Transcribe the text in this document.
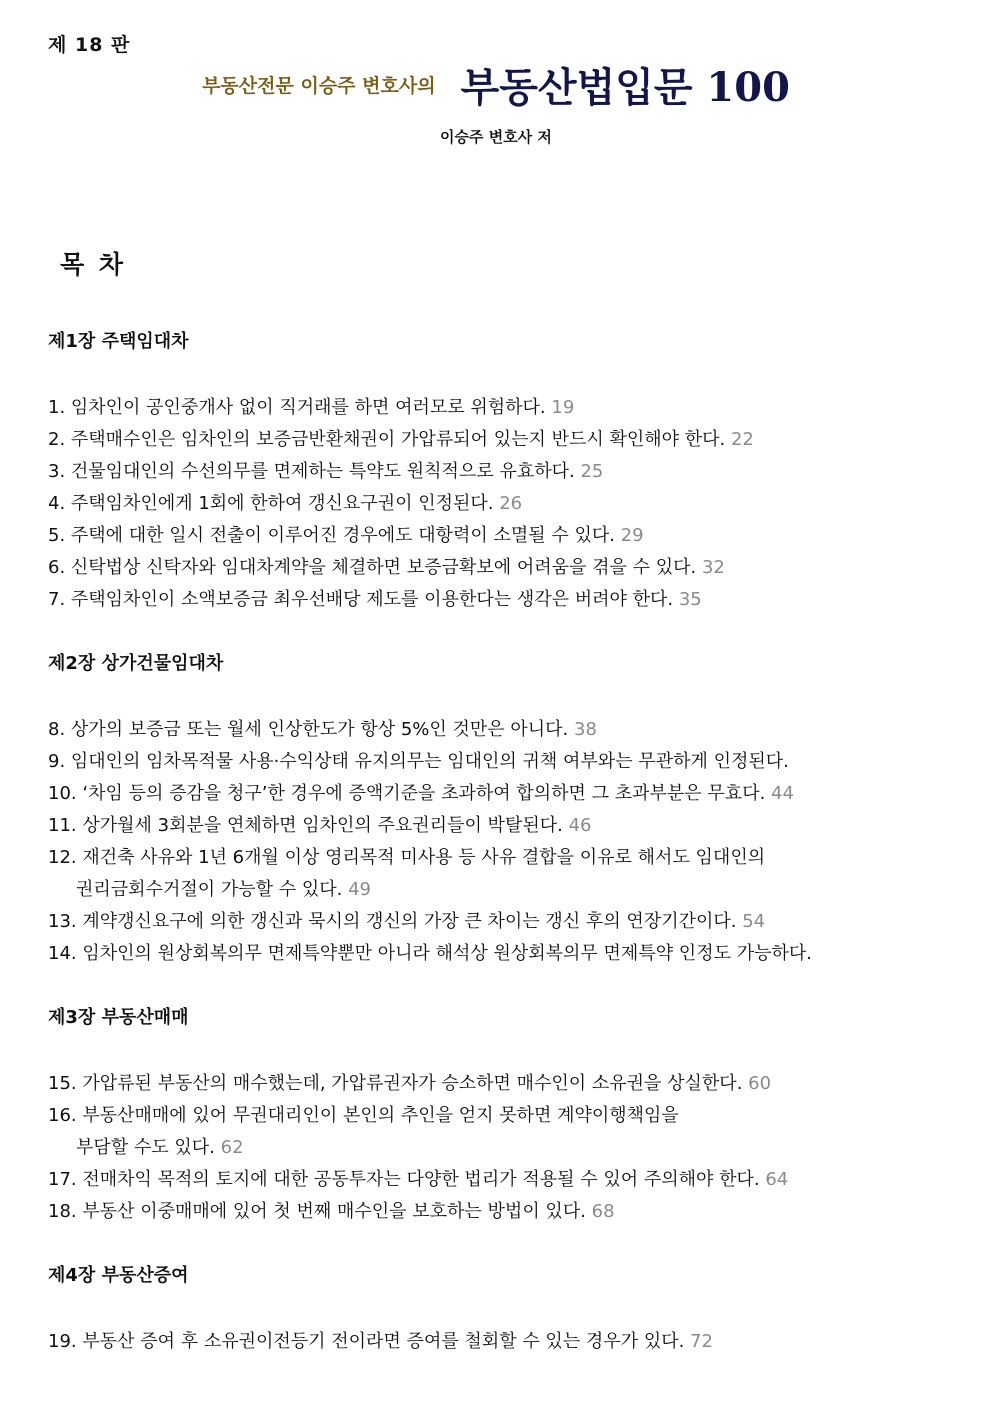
제 18 판
부동산전문 이승주 변호사의 부동산법입문 100
이승주 변호사 저
목 차
제1장 주택임대차
1. 임차인이 공인중개사 없이 직거래를 하면 여러모로 위험하다. 19
2. 주택매수인은 임차인의 보증금반환채권이 가압류되어 있는지 반드시 확인해야 한다. 22
3. 건물임대인의 수선의무를 면제하는 특약도 원칙적으로 유효하다. 25
4. 주택임차인에게 1회에 한하여 갱신요구권이 인정된다. 26
5. 주택에 대한 일시 전출이 이루어진 경우에도 대항력이 소멸될 수 있다. 29
6. 신탁법상 신탁자와 임대차계약을 체결하면 보증금확보에 어려움을 겪을 수 있다. 32
7. 주택임차인이 소액보증금 최우선배당 제도를 이용한다는 생각은 버려야 한다. 35
제2장 상가건물임대차
8. 상가의 보증금 또는 월세 인상한도가 항상 5%인 것만은 아니다. 38
9. 임대인의 임차목적물 사용·수익상태 유지의무는 임대인의 귀책 여부와는 무관하게 인정된다.
10. ‘차임 등의 증감을 청구’한 경우에 증액기준을 초과하여 합의하면 그 초과부분은 무효다. 44
11. 상가월세 3회분을 연체하면 임차인의 주요권리들이 박탈된다. 46
12. 재건축 사유와 1년 6개월 이상 영리목적 미사용 등 사유 결합을 이유로 해서도 임대인의
권리금회수거절이 가능할 수 있다. 49
13. 계약갱신요구에 의한 갱신과 묵시의 갱신의 가장 큰 차이는 갱신 후의 연장기간이다. 54
14. 임차인의 원상회복의무 면제특약뿐만 아니라 해석상 원상회복의무 면제특약 인정도 가능하다.
제3장 부동산매매
15. 가압류된 부동산의 매수했는데, 가압류권자가 승소하면 매수인이 소유권을 상실한다. 60
16. 부동산매매에 있어 무권대리인이 본인의 추인을 얻지 못하면 계약이행책임을
부담할 수도 있다. 62
17. 전매차익 목적의 토지에 대한 공동투자는 다양한 법리가 적용될 수 있어 주의해야 한다. 64
18. 부동산 이중매매에 있어 첫 번째 매수인을 보호하는 방법이 있다. 68
제4장 부동산증여
19. 부동산 증여 후 소유권이전등기 전이라면 증여를 철회할 수 있는 경우가 있다. 72
